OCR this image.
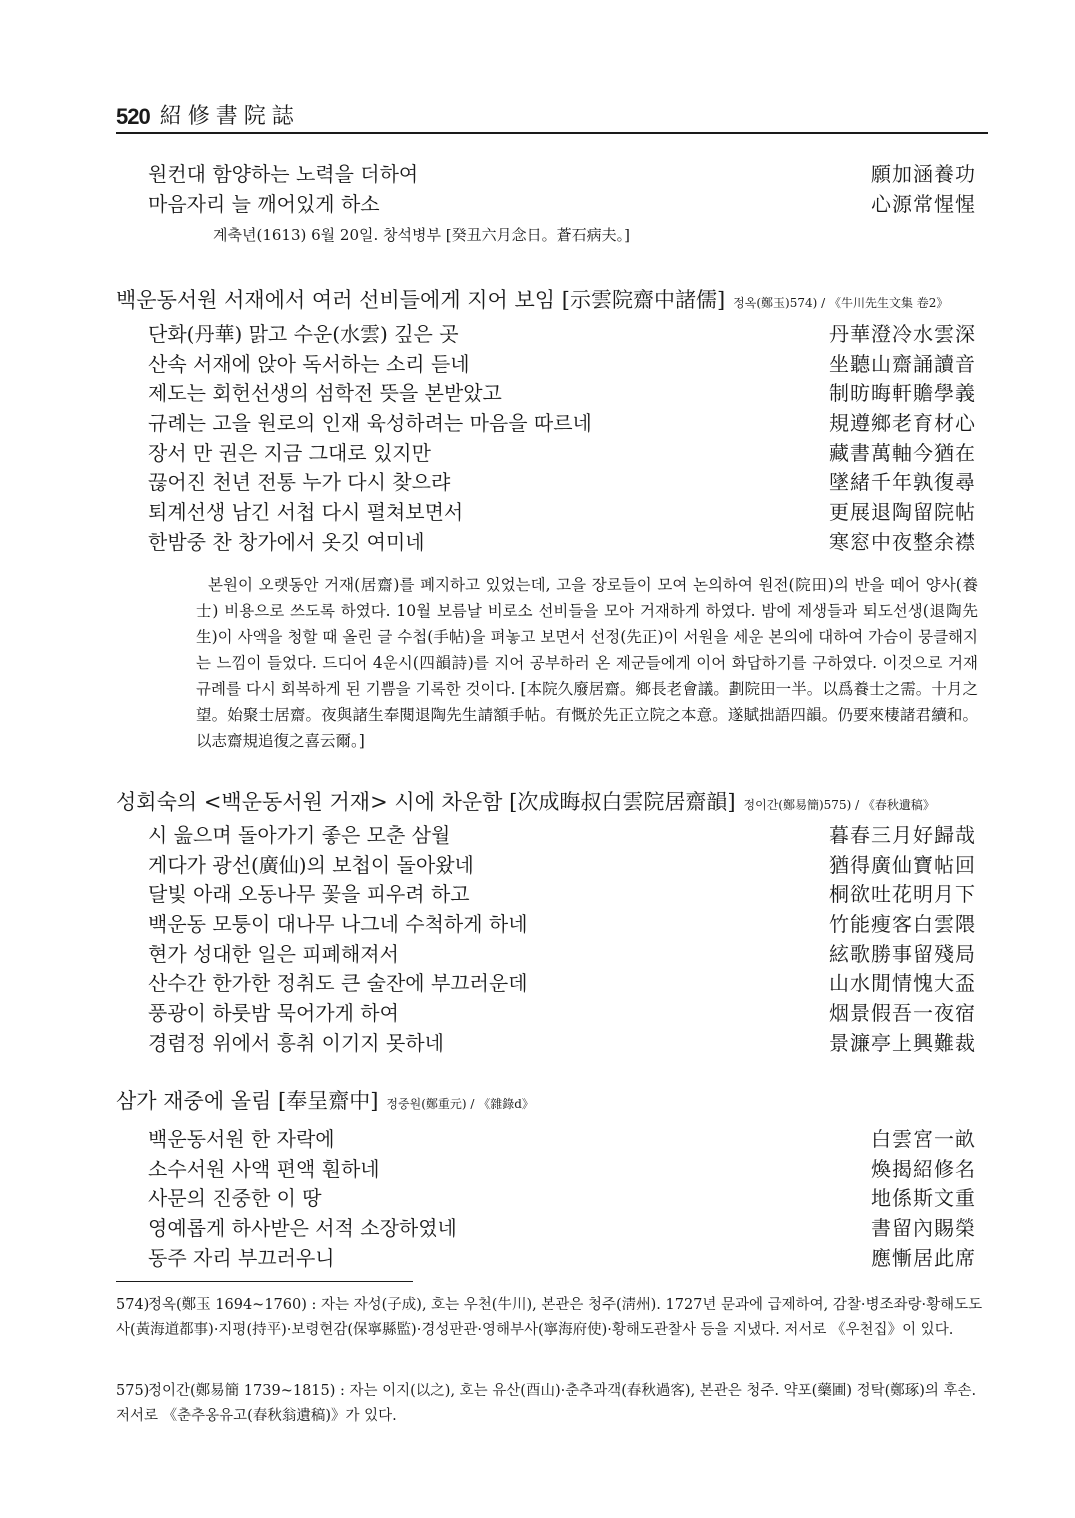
520 紹修書院誌
원컨대 함양하는 노력을 더하여	願加涵養功
마음자리 늘 깨어있게 하소	心源常惺惺
계축년(1613) 6월 20일. 창석병부 [癸丑六月念日。蒼石病夫。]
백운동서원 서재에서 여러 선비들에게 지어 보임 [示雲院齋中諸儒] 정옥(鄭玉)574) / 《牛川先生文集 卷2》
단화(丹華) 맑고 수운(水雲) 깊은 곳	丹華澄冷水雲深
산속 서재에 앉아 독서하는 소리 듣네	坐聽山齋誦讀音
제도는 회헌선생의 섬학전 뜻을 본받았고	制昉晦軒贍學義
규례는 고을 원로의 인재 육성하려는 마음을 따르네	規遵鄉老育材心
장서 만 권은 지금 그대로 있지만	藏書萬軸今猶在
끊어진 천년 전통 누가 다시 찾으랴	墜緒千年孰復尋
퇴계선생 남긴 서첩 다시 펼쳐보면서	更展退陶留院帖
한밤중 찬 창가에서 옷깃 여미네	寒窓中夜整余襟

본원이 오랫동안 거재(居齋)를 폐지하고 있었는데, 고을 장로들이 모여 논의하여 원전(院田)의 반을 떼어 양사(養士) 비용으로 쓰도록 하였다. 10월 보름날 비로소 선비들을 모아 거재하게 하였다. 밤에 제생들과 퇴도선생(退陶先生)이 사액을 청할 때 올린 글 수첩(手帖)을 펴놓고 보면서 선정(先正)이 서원을 세운 본의에 대하여 가슴이 뭉클해지는 느낌이 들었다. 드디어 4운시(四韻詩)를 지어 공부하러 온 제군들에게 이어 화답하기를 구하였다. 이것으로 거재 규례를 다시 회복하게 된 기쁨을 기록한 것이다. [本院久廢居齋。鄉長老會議。劃院田一半。以爲養士之需。十月之望。始聚士居齋。夜與諸生奉閱退陶先生請額手帖。有慨於先正立院之本意。遂賦拙語四韻。仍要來棲諸君續和。以志齋規追復之喜云爾。]

성회숙의 <백운동서원 거재> 시에 차운함 [次成晦叔白雲院居齋韻] 정이간(鄭易簡)575) / 《春秋遺稿》
시 읊으며 돌아가기 좋은 모춘 삼월	暮春三月好歸哉
게다가 광선(廣仙)의 보첩이 돌아왔네	猶得廣仙寶帖回
달빛 아래 오동나무 꽃을 피우려 하고	桐欲吐花明月下
백운동 모퉁이 대나무 나그네 수척하게 하네	竹能瘦客白雲隈
현가 성대한 일은 피폐해져서	絃歌勝事留殘局
산수간 한가한 정취도 큰 술잔에 부끄러운데	山水閒情愧大盃
풍광이 하룻밤 묵어가게 하여	烟景假吾一夜宿
경렴정 위에서 흥취 이기지 못하네	景濂亭上興難裁
삼가 재중에 올림 [奉呈齋中] 정중원(鄭重元) / 《雜錄d》
백운동서원 한 자락에	白雲宮一畝
소수서원 사액 편액 훤하네	煥揭紹修名
사문의 진중한 이 땅	地係斯文重
영예롭게 하사받은 서적 소장하였네	書留內賜榮
동주 자리 부끄러우니	應慚居此席
574)정옥(鄭玉 1694~1760) : 자는 자성(子成), 호는 우천(牛川), 본관은 청주(淸州). 1727년 문과에 급제하여, 감찰·병조좌랑·황해도도사(黃海道都事)·지평(持平)·보령현감(保寧縣監)·경성판관·영해부사(寧海府使)·황해도관찰사 등을 지냈다. 저서로 《우천집》이 있다.
575)정이간(鄭易簡 1739~1815) : 자는 이지(以之), 호는 유산(酉山)·춘추과객(春秋過客), 본관은 청주. 약포(藥圃) 정탁(鄭琢)의 후손. 저서로 《춘추옹유고(春秋翁遺稿)》가 있다.
